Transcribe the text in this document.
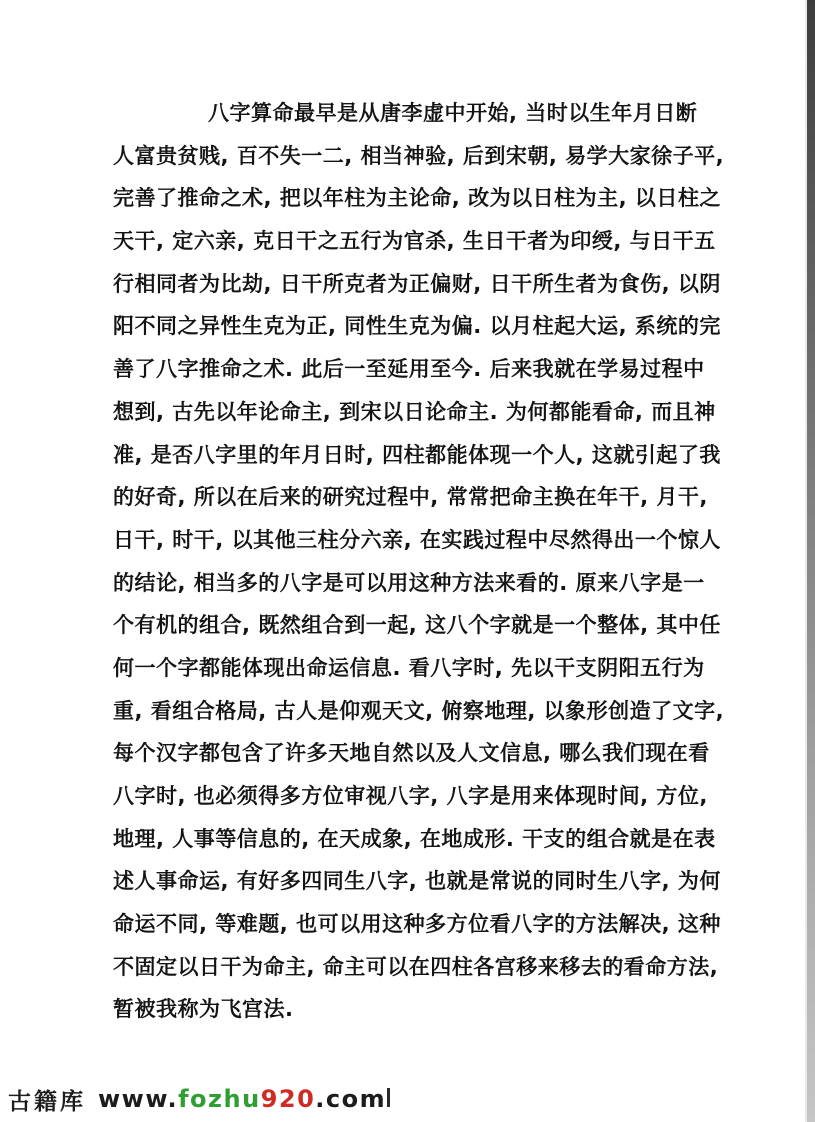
八字算命最早是从唐李虚中开始, 当时以生年月日断
人富贵贫贱, 百不失一二, 相当神验, 后到宋朝, 易学大家徐子平,
完善了推命之术, 把以年柱为主论命, 改为以日柱为主, 以日柱之
天干, 定六亲, 克日干之五行为官杀, 生日干者为印绶, 与日干五
行相同者为比劫, 日干所克者为正偏财, 日干所生者为食伤, 以阴
阳不同之异性生克为正, 同性生克为偏. 以月柱起大运, 系统的完
善了八字推命之术. 此后一至延用至今. 后来我就在学易过程中
想到, 古先以年论命主, 到宋以日论命主. 为何都能看命, 而且神
准, 是否八字里的年月日时, 四柱都能体现一个人, 这就引起了我
的好奇, 所以在后来的研究过程中, 常常把命主换在年干, 月干,
日干, 时干, 以其他三柱分六亲, 在实践过程中尽然得出一个惊人
的结论, 相当多的八字是可以用这种方法来看的. 原来八字是一
个有机的组合, 既然组合到一起, 这八个字就是一个整体, 其中任
何一个字都能体现出命运信息. 看八字时, 先以干支阴阳五行为
重, 看组合格局, 古人是仰观天文, 俯察地理, 以象形创造了文字,
每个汉字都包含了许多天地自然以及人文信息, 哪么我们现在看
八字时, 也必须得多方位审视八字, 八字是用来体现时间, 方位,
地理, 人事等信息的, 在天成象, 在地成形. 干支的组合就是在表
述人事命运, 有好多四同生八字, 也就是常说的同时生八字, 为何
命运不同, 等难题, 也可以用这种多方位看八字的方法解决, 这种
不固定以日干为命主, 命主可以在四柱各宫移来移去的看命方法,
暂被我称为飞宫法.
古籍库 www.fozhu920.com
